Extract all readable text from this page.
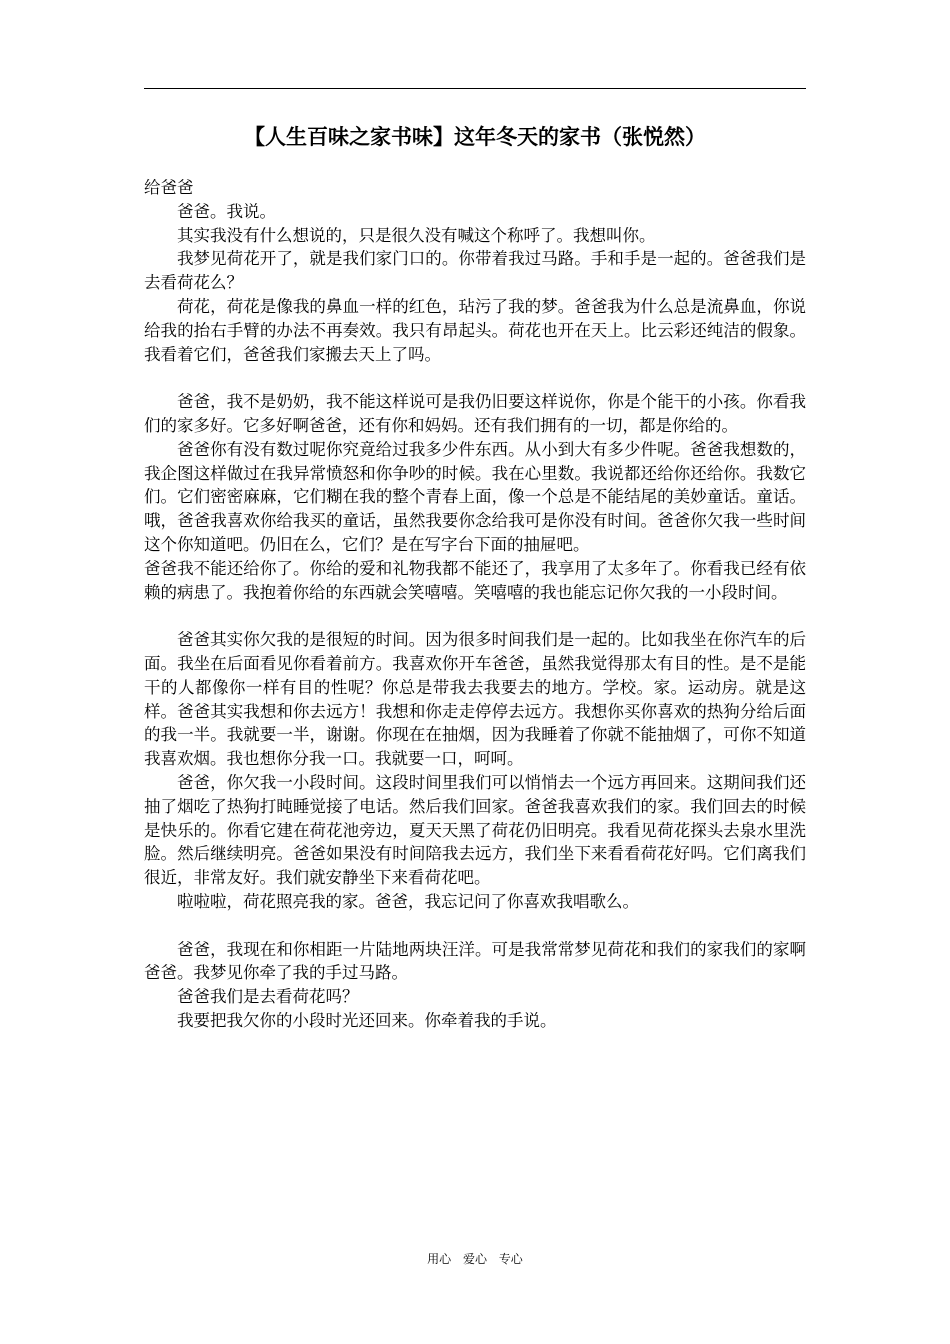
【人生百味之家书味】这年冬天的家书（张悦然）

给爸爸

爸爸。我说。

其实我没有什么想说的，只是很久没有喊这个称呼了。我想叫你。

我梦见荷花开了，就是我们家门口的。你带着我过马路。手和手是一起的。爸爸我们是去看荷花么？

荷花，荷花是像我的鼻血一样的红色，玷污了我的梦。爸爸我为什么总是流鼻血，你说给我的抬右手臂的办法不再奏效。我只有昂起头。荷花也开在天上。比云彩还纯洁的假象。我看着它们，爸爸我们家搬去天上了吗。

爸爸，我不是奶奶，我不能这样说可是我仍旧要这样说你，你是个能干的小孩。你看我们的家多好。它多好啊爸爸，还有你和妈妈。还有我们拥有的一切，都是你给的。

爸爸你有没有数过呢你究竟给过我多少件东西。从小到大有多少件呢。爸爸我想数的，我企图这样做过在我异常愤怒和你争吵的时候。我在心里数。我说都还给你还给你。我数它们。它们密密麻麻，它们糊在我的整个青春上面，像一个总是不能结尾的美妙童话。童话。哦，爸爸我喜欢你给我买的童话，虽然我要你念给我可是你没有时间。爸爸你欠我一些时间这个你知道吧。仍旧在么，它们？是在写字台下面的抽屉吧。

爸爸我不能还给你了。你给的爱和礼物我都不能还了，我享用了太多年了。你看我已经有依赖的病患了。我抱着你给的东西就会笑嘻嘻。笑嘻嘻的我也能忘记你欠我的一小段时间。

爸爸其实你欠我的是很短的时间。因为很多时间我们是一起的。比如我坐在你汽车的后面。我坐在后面看见你看着前方。我喜欢你开车爸爸，虽然我觉得那太有目的性。是不是能干的人都像你一样有目的性呢？你总是带我去我要去的地方。学校。家。运动房。就是这样。爸爸其实我想和你去远方！我想和你走走停停去远方。我想你买你喜欢的热狗分给后面的我一半。我就要一半，谢谢。你现在在抽烟，因为我睡着了你就不能抽烟了，可你不知道我喜欢烟。我也想你分我一口。我就要一口，呵呵。

爸爸，你欠我一小段时间。这段时间里我们可以悄悄去一个远方再回来。这期间我们还抽了烟吃了热狗打盹睡觉接了电话。然后我们回家。爸爸我喜欢我们的家。我们回去的时候是快乐的。你看它建在荷花池旁边，夏天天黑了荷花仍旧明亮。我看见荷花探头去泉水里洗脸。然后继续明亮。爸爸如果没有时间陪我去远方，我们坐下来看看荷花好吗。它们离我们很近，非常友好。我们就安静坐下来看荷花吧。

啦啦啦，荷花照亮我的家。爸爸，我忘记问了你喜欢我唱歌么。

爸爸，我现在和你相距一片陆地两块汪洋。可是我常常梦见荷花和我们的家我们的家啊爸爸。我梦见你牵了我的手过马路。

爸爸我们是去看荷花吗？

我要把我欠你的小段时光还回来。你牵着我的手说。

用心 爱心 专心
